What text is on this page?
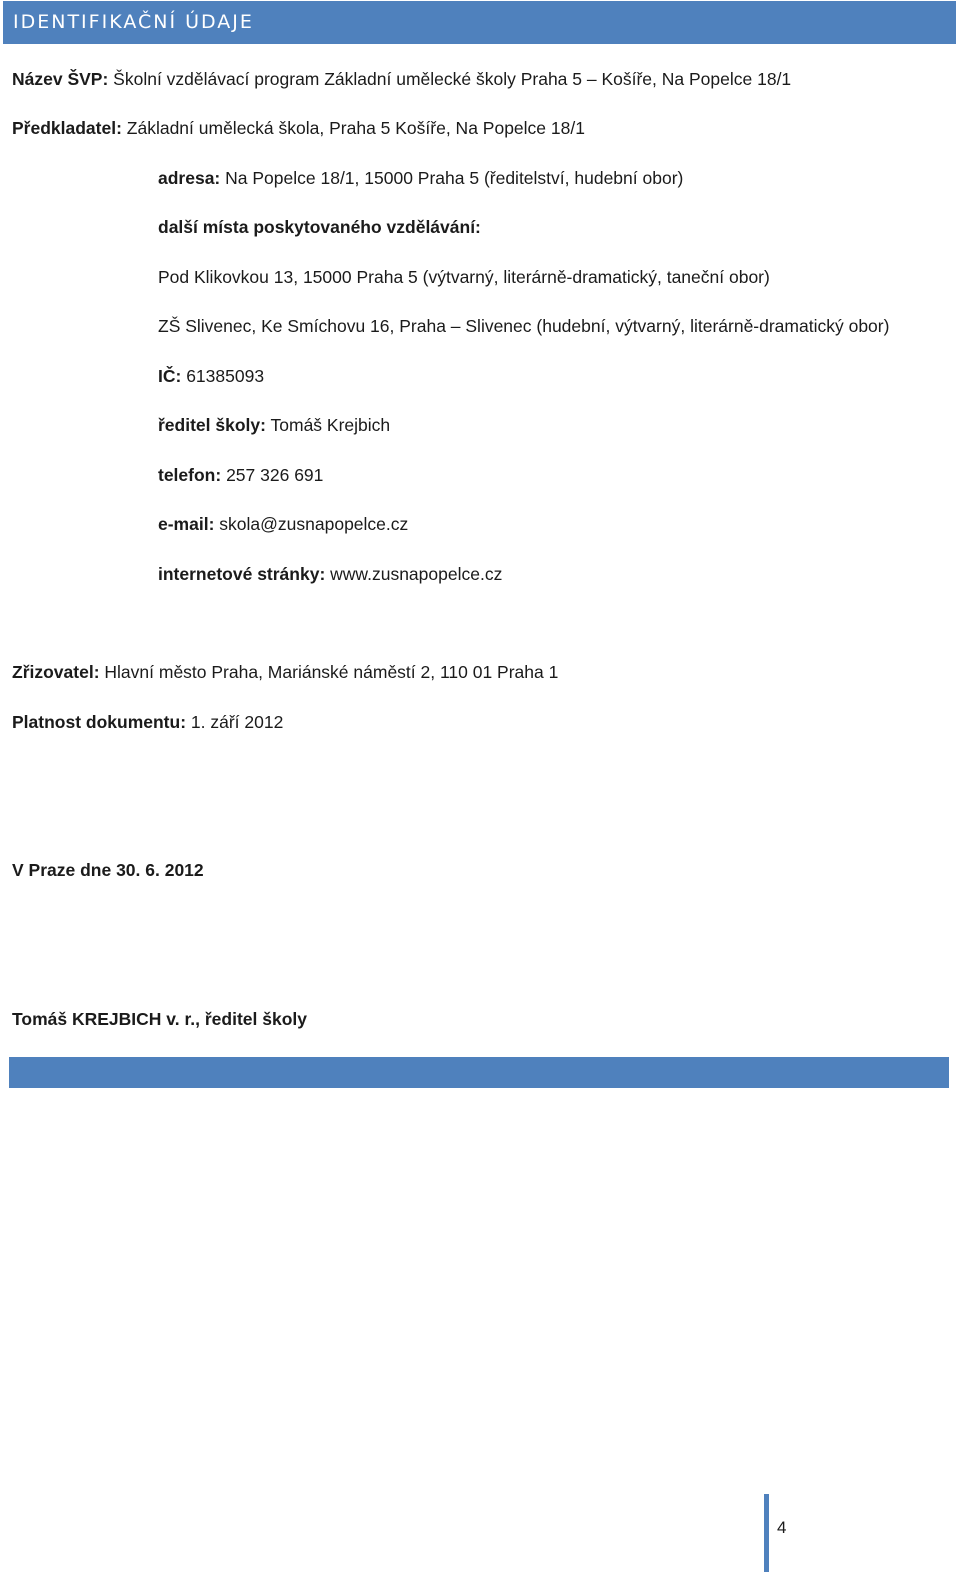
IDENTIFIKAČNÍ ÚDAJE
Název ŠVP: Školní vzdělávací program Základní umělecké školy Praha 5 – Košíře, Na Popelce 18/1
Předkladatel: Základní umělecká škola, Praha 5 Košíře, Na Popelce 18/1
adresa: Na Popelce 18/1, 15000 Praha 5 (ředitelství, hudební obor)
další místa poskytovaného vzdělávání:
Pod Klikovkou 13, 15000 Praha 5 (výtvarný, literárně-dramatický, taneční obor)
ZŠ Slivenec, Ke Smíchovu 16, Praha – Slivenec (hudební, výtvarný, literárně-dramatický obor)
IČ: 61385093
ředitel školy: Tomáš Krejbich
telefon: 257 326 691
e-mail: skola@zusnapopelce.cz
internetové stránky: www.zusnapopelce.cz
Zřizovatel: Hlavní město Praha, Mariánské náměstí 2, 110 01 Praha 1
Platnost dokumentu: 1. září 2012
V Praze dne 30. 6. 2012
Tomáš KREJBICH v. r., ředitel školy
4
